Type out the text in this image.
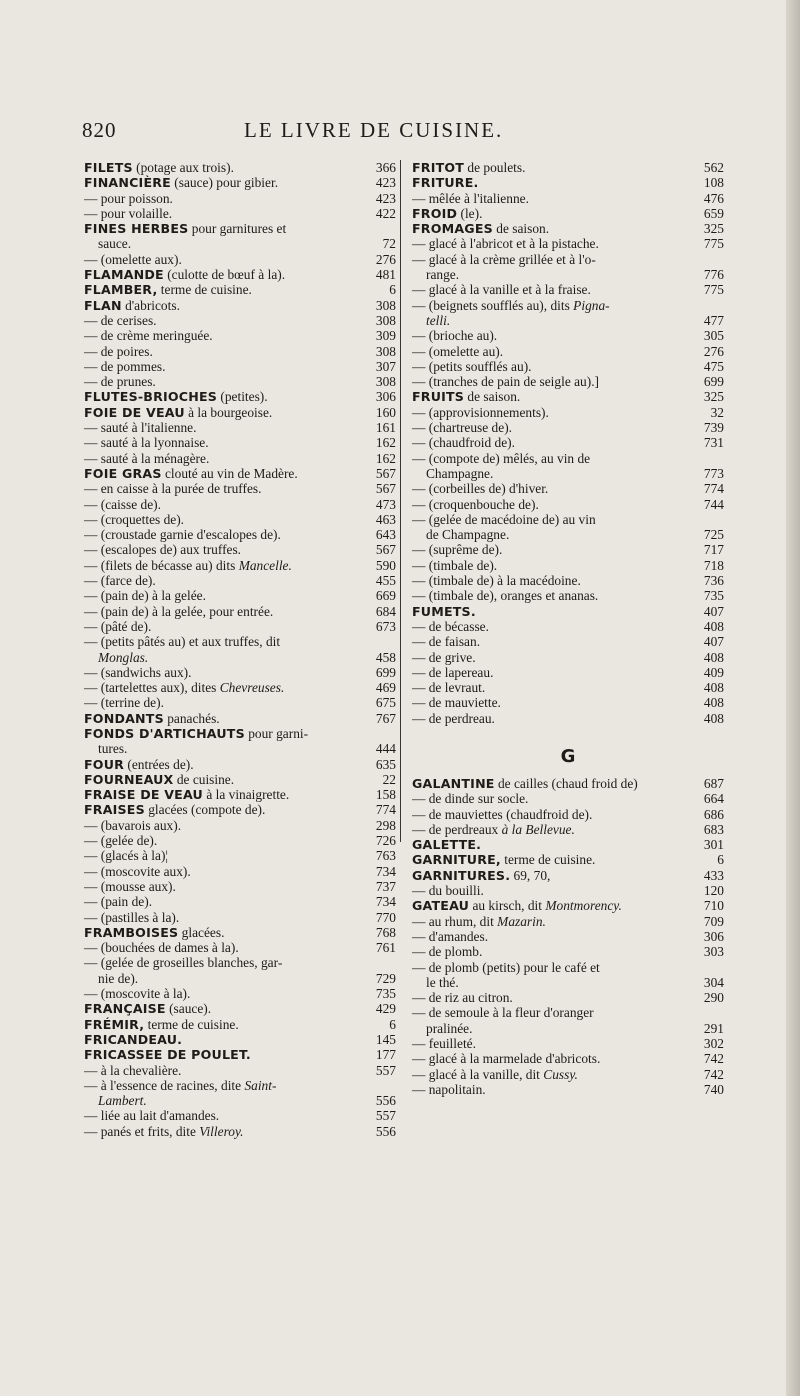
820	LE LIVRE DE CUISINE.
FILETS (potage aux trois).	366
FINANCIÈRE (sauce) pour gibier.	423
— pour poisson.	423
— pour volaille.	422
FINES HERBES pour garnitures et
sauce.	72
— (omelette aux).	276
FLAMANDE (culotte de bœuf à la).	481
FLAMBER, terme de cuisine.	6
FLAN d'abricots.	308
— de cerises.	308
— de crème meringuée.	309
— de poires.	308
— de pommes.	307
— de prunes.	308
FLUTES-BRIOCHES (petites).	306
FOIE DE VEAU à la bourgeoise.	160
— sauté à l'italienne.	161
— sauté à la lyonnaise.	162
— sauté à la ménagère.	162
FOIE GRAS clouté au vin de Madère.	567
— en caisse à la purée de truffes.	567
— (caisse de).	473
— (croquettes de).	463
— (croustade garnie d'escalopes de).	643
— (escalopes de) aux truffes.	567
— (filets de bécasse au) dits Mancelle.	590
— (farce de).	455
— (pain de) à la gelée.	669
— (pain de) à la gelée, pour entrée.	684
— (pâté de).	673
— (petits pâtés au) et aux truffes, dit
Monglas.	458
— (sandwichs aux).	699
— (tartelettes aux), dites Chevreuses.	469
— (terrine de).	675
FONDANTS panachés.	767
FONDS D'ARTICHAUTS pour garni-
tures.	444
FOUR (entrées de).	635
FOURNEAUX de cuisine.	22
FRAISE DE VEAU à la vinaigrette.	158
FRAISES glacées (compote de).	774
— (bavarois aux).	298
— (gelée de).	726
— (glacés à la)¦	763
— (moscovite aux).	734
— (mousse aux).	737
— (pain de).	734
— (pastilles à la).	770
FRAMBOISES glacées.	768
— (bouchées de dames à la).	761
— (gelée de groseilles blanches, gar-
nie de).	729
— (moscovite à la).	735
FRANÇAISE (sauce).	429
FRÉMIR, terme de cuisine.	6
FRICANDEAU.	145
FRICASSEE DE POULET.	177
— à la chevalière.	557
— à l'essence de racines, dite Saint-
Lambert.	556
— liée au lait d'amandes.	557
— panés et frits, dite Villeroy.	556
FRITOT de poulets.	562
FRITURE.	108
— mêlée à l'italienne.	476
FROID (le).	659
FROMAGES de saison.	325
— glacé à l'abricot et à la pistache.	775
— glacé à la crème grillée et à l'o-
range.	776
— glacé à la vanille et à la fraise.	775
— (beignets soufflés au), dits Pigna-
telli.	477
— (brioche au).	305
— (omelette au).	276
— (petits soufflés au).	475
— (tranches de pain de seigle au).]	699
FRUITS de saison.	325
— (approvisionnements).	32
— (chartreuse de).	739
— (chaudfroid de).	731
— (compote de) mêlés, au vin de
Champagne.	773
— (corbeilles de) d'hiver.	774
— (croquenbouche de).	744
— (gelée de macédoine de) au vin
de Champagne.	725
— (suprême de).	717
— (timbale de).	718
— (timbale de) à la macédoine.	736
— (timbale de), oranges et ananas.	735
FUMETS.	407
— de bécasse.	408
— de faisan.	407
— de grive.	408
— de lapereau.	409
— de levraut.	408
— de mauviette.	408
— de perdreau.	408
G
GALANTINE de cailles (chaud froid de)	687
— de dinde sur socle.	664
— de mauviettes (chaudfroid de).	686
— de perdreaux à la Bellevue.	683
GALETTE.	301
GARNITURE, terme de cuisine.	6
GARNITURES. 69, 70,	433
— du bouilli.	120
GATEAU au kirsch, dit Montmorency.	710
— au rhum, dit Mazarin.	709
— d'amandes.	306
— de plomb.	303
— de plomb (petits) pour le café et
le thé.	304
— de riz au citron.	290
— de semoule à la fleur d'oranger
pralinée.	291
— feuilleté.	302
— glacé à la marmelade d'abricots.	742
— glacé à la vanille, dit Cussy.	742
— napolitain.	740
